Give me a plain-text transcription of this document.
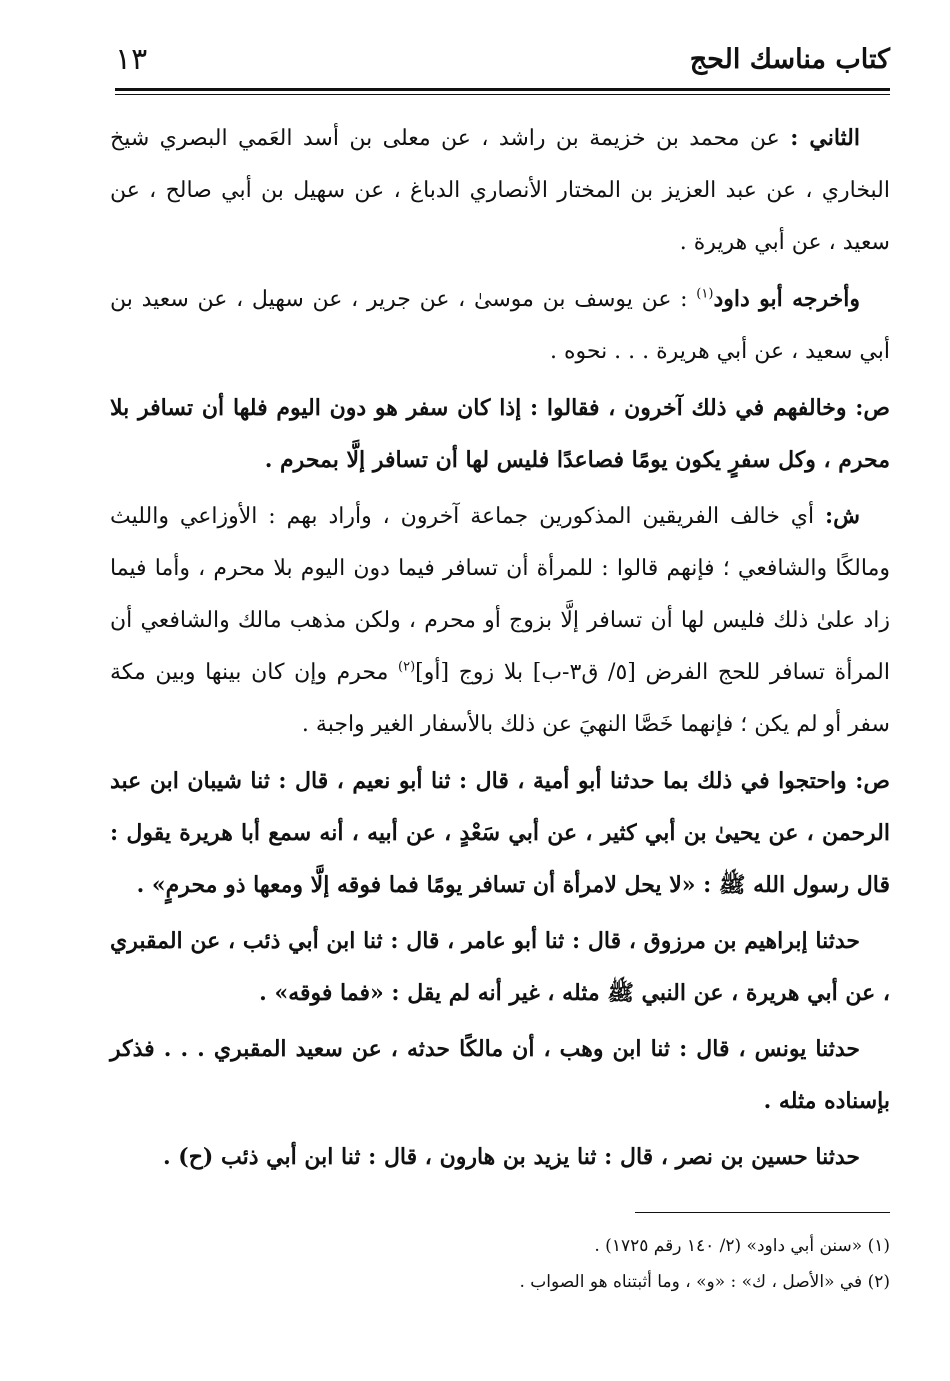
كتاب مناسك الحج
١٣

الثاني : عن محمد بن خزيمة بن راشد ، عن معلى بن أسد العَمي البصري شيخ البخاري ، عن عبد العزيز بن المختار الأنصاري الدباغ ، عن سهيل بن أبي صالح ، عن سعيد ، عن أبي هريرة .

وأخرجه أبو داود$^{(١)}$ : عن يوسف بن موسىٰ ، عن جرير ، عن سهيل ، عن سعيد بن أبي سعيد ، عن أبي هريرة . . . نحوه .

ص: وخالفهم في ذلك آخرون ، فقالوا : إذا كان سفر هو دون اليوم فلها أن تسافر بلا محرم ، وكل سفرٍ يكون يومًا فصاعدًا فليس لها أن تسافر إلَّا بمحرم .

ش: أي خالف الفريقين المذكورين جماعة آخرون ، وأراد بهم : الأوزاعي والليث ومالكًا والشافعي ؛ فإنهم قالوا : للمرأة أن تسافر فيما دون اليوم بلا محرم ، وأما فيما زاد علىٰ ذلك فليس لها أن تسافر إلَّا بزوج أو محرم ، ولكن مذهب مالك والشافعي أن المرأة تسافر للحج الفرض [٥/ ق٣-ب] بلا زوج [أو]$^{(٢)}$ محرم وإن كان بينها وبين مكة سفر أو لم يكن ؛ فإنهما خَصَّا النهيَ عن ذلك بالأسفار الغير واجبة .

ص: واحتجوا في ذلك بما حدثنا أبو أمية ، قال : ثنا أبو نعيم ، قال : ثنا شيبان ابن عبد الرحمن ، عن يحيىٰ بن أبي كثير ، عن أبي سَعْدٍ ، عن أبيه ، أنه سمع أبا هريرة يقول : قال رسول الله ﷺ : «لا يحل لامرأة أن تسافر يومًا فما فوقه إلَّا ومعها ذو محرمٍ» .

حدثنا إبراهيم بن مرزوق ، قال : ثنا أبو عامر ، قال : ثنا ابن أبي ذئب ، عن المقبري ، عن أبي هريرة ، عن النبي ﷺ مثله ، غير أنه لم يقل : «فما فوقه» .

حدثنا يونس ، قال : ثنا ابن وهب ، أن مالكًا حدثه ، عن سعيد المقبري . . . فذكر بإسناده مثله .

حدثنا حسين بن نصر ، قال : ثنا يزيد بن هارون ، قال : ثنا ابن أبي ذئب (ح) .

(١) «سنن أبي داود» (٢/ ١٤٠ رقم ١٧٢٥) .

(٢) في «الأصل ، ك» : «و» ، وما أثبتناه هو الصواب .
